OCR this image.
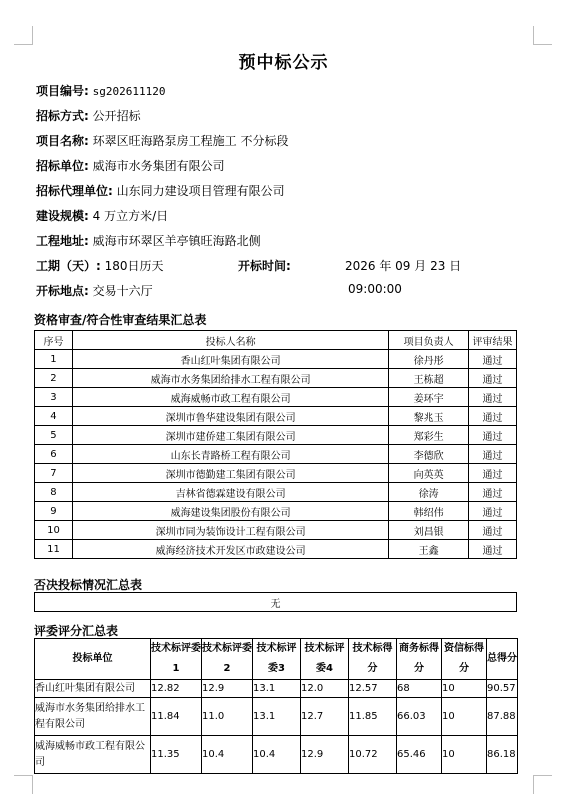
预中标公示
项目编号: sg202611120
招标方式: 公开招标
项目名称: 环翠区旺海路泵房工程施工 不分标段
招标单位: 威海市水务集团有限公司
招标代理单位: 山东同力建设项目管理有限公司
建设规模: 4 万立方米/日
工程地址: 威海市环翠区羊亭镇旺海路北侧
工期（天）: 180日历天	开标时间:	2026 年 09 月 23 日
开标地点: 交易十六厅	09:00:00
资格审查/符合性审查结果汇总表
序号	投标人名称	项目负责人	评审结果
1	香山红叶集团有限公司	徐丹彤	通过
2	威海市水务集团给排水工程有限公司	王栋超	通过
3	威海威畅市政工程有限公司	姜环宇	通过
4	深圳市鲁华建设集团有限公司	黎兆玉	通过
5	深圳市建侨建工集团有限公司	郑彩生	通过
6	山东长青路桥工程有限公司	李德欣	通过
7	深圳市德勤建工集团有限公司	向英英	通过
8	吉林省德霖建设有限公司	徐涛	通过
9	威海建设集团股份有限公司	韩绍伟	通过
10	深圳市同为装饰设计工程有限公司	刘昌银	通过
11	威海经济技术开发区市政建设公司	王鑫	通过
否决投标情况汇总表
无
评委评分汇总表
投标单位	技术标评委1	技术标评委2	技术标评委3	技术标评委4	技术标得分	商务标得分	资信标得分	总得分
香山红叶集团有限公司	12.82	12.9	13.1	12.0	12.57	68	10	90.57
威海市水务集团给排水工程有限公司	11.84	11.0	13.1	12.7	11.85	66.03	10	87.88
威海威畅市政工程有限公司	11.35	10.4	10.4	12.9	10.72	65.46	10	86.18
